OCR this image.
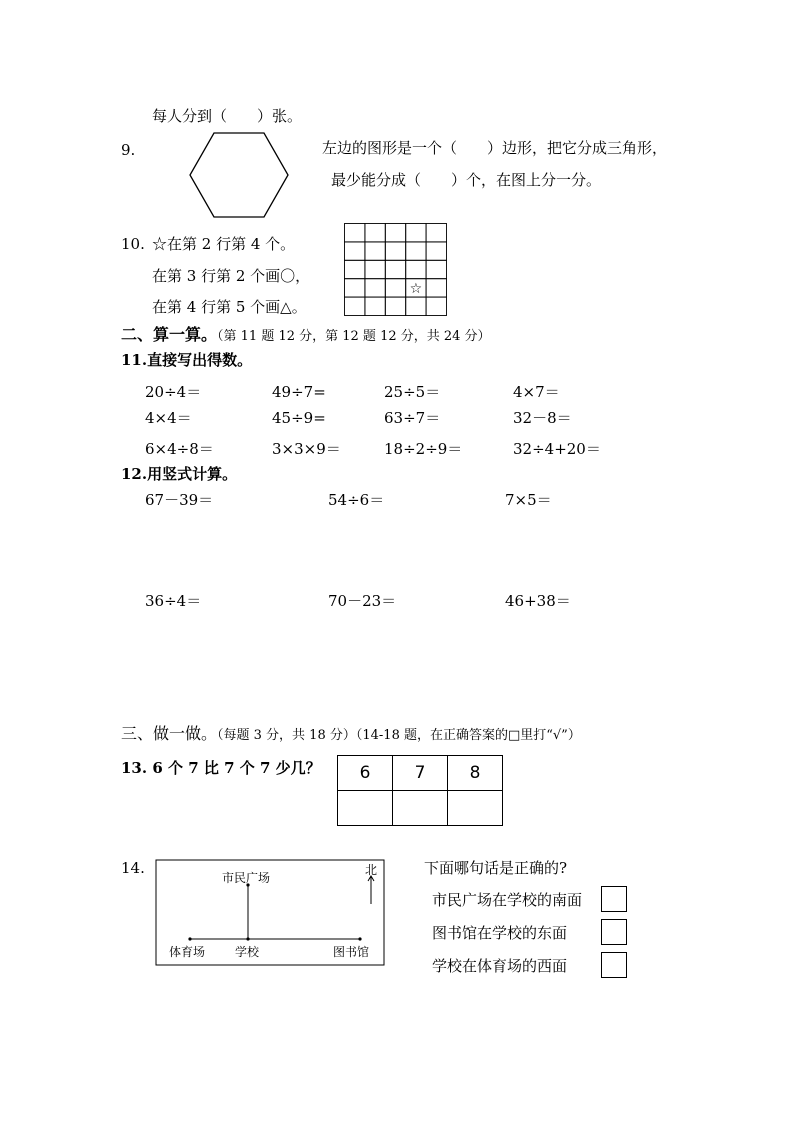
每人分到（　　）张。
9.	左边的图形是一个（　　）边形，把它分成三角形，
最少能分成（　　）个，在图上分一分。
10. ☆在第 2 行第 4 个。
在第 3 行第 2 个画〇，
在第 4 行第 5 个画△。
☆
二、算一算。（第 11 题 12 分，第 12 题 12 分，共 24 分）
11.直接写出得数。
20÷4＝	49÷7=	25÷5＝	4×7＝
4×4＝	45÷9=	63÷7＝	32－8＝
6×4÷8＝	3×3×9＝	18÷2÷9＝	32÷4+20＝
12.用竖式计算。
67－39＝	54÷6＝	7×5＝
36÷4＝	70－23＝	46+38＝
三、做一做。（每题 3 分，共 18 分）（14-18 题，在正确答案的□里打“√”）
13. 6 个 7 比 7 个 7 少几？ 6	7	8

14.	北
市民广场
体育场 学校	图书馆
下面哪句话是正确的?
市民广场在学校的南面
图书馆在学校的东面
学校在体育场的西面
